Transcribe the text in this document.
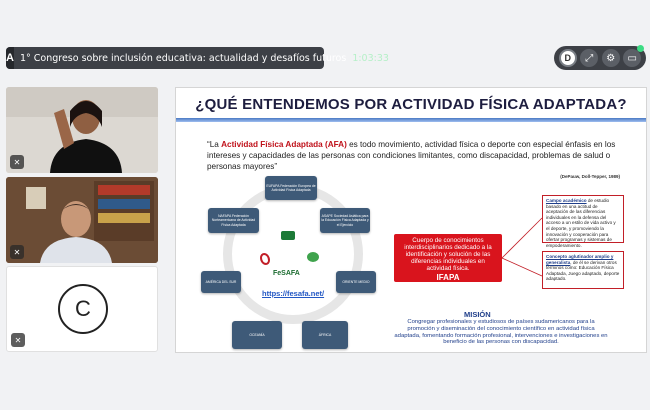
A 1° Congreso sobre inclusión educativa: actualidad y desafíos futuros 1:03:33	D	⤢	⚙	▭
✕
✕
C
✕
¿QUÉ ENTENDEMOS POR ACTIVIDAD FÍSICA ADAPTADA?

“La Actividad Física Adaptada (AFA) es todo movimiento, actividad física o deporte con especial énfasis en los intereses y capacidades de las personas con condiciones limitantes, como discapacidad, problemas de salud o personas mayores”

(DePauw, Doll-Tepper, 1989)
EUFAPA Federación Europea de Actividad Física Adaptada
NAFAPA Federación Norteamericana de Actividad Física Adaptada
ASAPE Sociedad Asiática para la Educación Física Adaptada y el Ejercicio
AMÉRICA DEL SUR	ORIENTE MEDIO
OCEANÍA	ÁFRICA
FeSAFA
https://fesafa.net/
Cuerpo de conocimientos interdisciplinarios dedicado a la identificación y solución de las diferencias individuales en actividad física.
IFAPA
(International Federation for Adapted Physical Activity) Federación Internacional de Actividad Física Adaptada
Campo académico de estudio basado en una actitud de aceptación de las diferencias individuales en la defensa del acceso a un estilo de vida activo y el deporte, y promoviendo la innovación y cooperación para ofertar programas y sistemas de empoderamiento.
Concepto aglutinador amplio y generalista, de él se derivan otros términos como: Educación Física Adaptada, Juego adaptado, deporte adaptado.
MISIÓN
Congregar profesionales y estudiosos de países sudamericanos para la promoción y diseminación del conocimiento científico en actividad física adaptada, fomentando formación profesional, intervenciones e investigaciones en beneficio de las personas con discapacidad.
